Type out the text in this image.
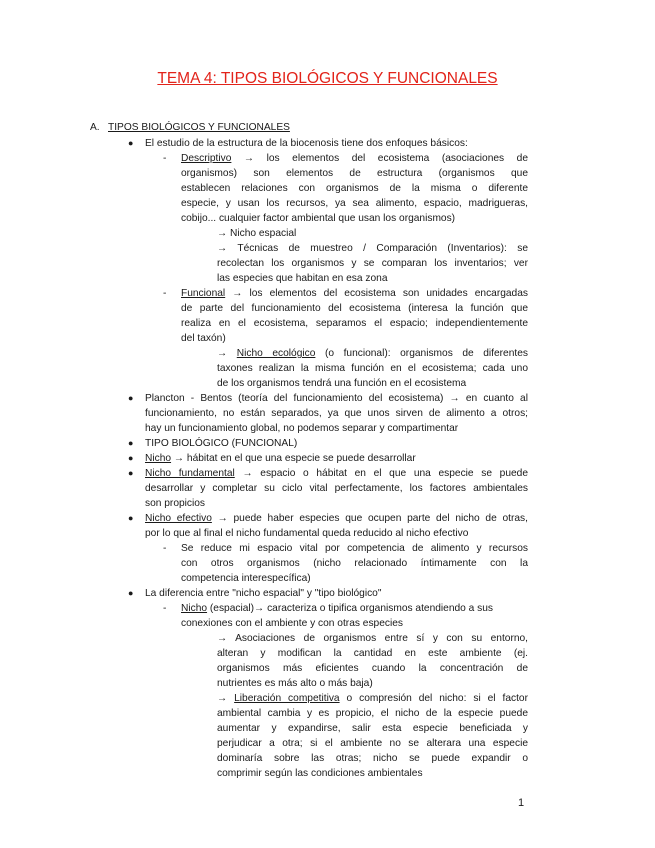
TEMA 4: TIPOS BIOLÓGICOS Y FUNCIONALES
A. TIPOS BIOLÓGICOS Y FUNCIONALES
● El estudio de la estructura de la biocenosis tiene dos enfoques básicos:
- Descriptivo → los elementos del ecosistema (asociaciones de
organismos) son elementos de estructura (organismos que
establecen relaciones con organismos de la misma o diferente
especie, y usan los recursos, ya sea alimento, espacio, madrigueras,
cobijo... cualquier factor ambiental que usan los organismos)
→ Nicho espacial
→ Técnicas de muestreo / Comparación (Inventarios): se
recolectan los organismos y se comparan los inventarios; ver
las especies que habitan en esa zona
- Funcional → los elementos del ecosistema son unidades encargadas
de parte del funcionamiento del ecosistema (interesa la función que
realiza en el ecosistema, separamos el espacio; independientemente
del taxón)
→ Nicho ecológico (o funcional): organismos de diferentes
taxones realizan la misma función en el ecosistema; cada uno
de los organismos tendrá una función en el ecosistema
● Plancton - Bentos (teoría del funcionamiento del ecosistema) → en cuanto al
funcionamiento, no están separados, ya que unos sirven de alimento a otros;
hay un funcionamiento global, no podemos separar y compartimentar
● TIPO BIOLÓGICO (FUNCIONAL)
● Nicho → hábitat en el que una especie se puede desarrollar
● Nicho fundamental → espacio o hábitat en el que una especie se puede
desarrollar y completar su ciclo vital perfectamente, los factores ambientales
son propicios
● Nicho efectivo → puede haber especies que ocupen parte del nicho de otras,
por lo que al final el nicho fundamental queda reducido al nicho efectivo
- Se reduce mi espacio vital por competencia de alimento y recursos
con otros organismos (nicho relacionado íntimamente con la
competencia interespecífica)
● La diferencia entre "nicho espacial" y "tipo biológico"
- Nicho (espacial)→ caracteriza o tipifica organismos atendiendo a sus
conexiones con el ambiente y con otras especies
→ Asociaciones de organismos entre sí y con su entorno,
alteran y modifican la cantidad en este ambiente (ej.
organismos más eficientes cuando la concentración de
nutrientes es más alto o más baja)
→ Liberación competitiva o compresión del nicho: si el factor
ambiental cambia y es propicio, el nicho de la especie puede
aumentar y expandirse, salir esta especie beneficiada y
perjudicar a otra; si el ambiente no se alterara una especie
dominaría sobre las otras; nicho se puede expandir o
comprimir según las condiciones ambientales
1
